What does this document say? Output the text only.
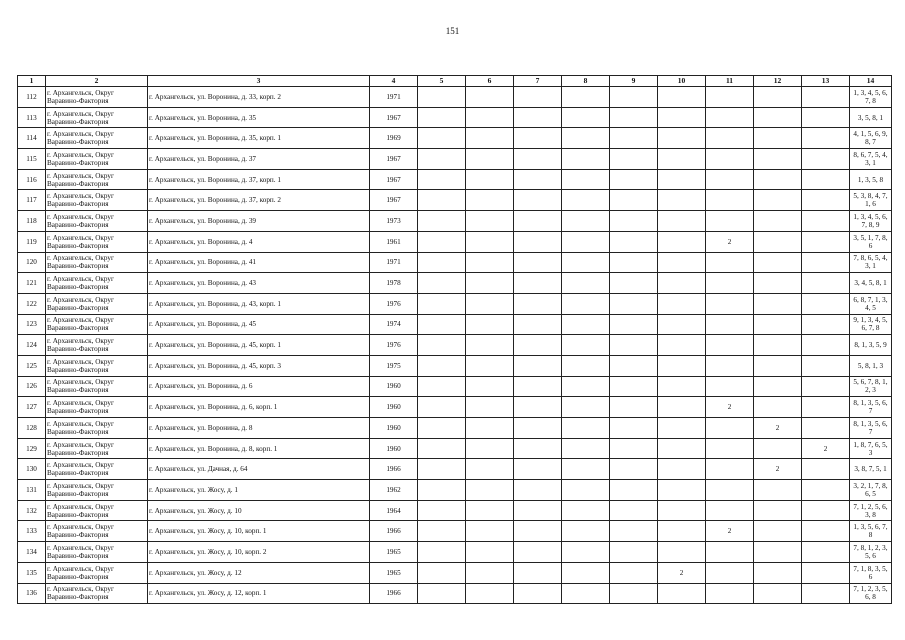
151
1	2	3	4	5	6	7	8	9	10	11	12	13	14
112	г. Архангельск, Округ Варавино-Фактория	г. Архангельск, ул. Воронина, д. 33, корп. 2	1971										1, 3, 4, 5, 6, 7, 8
113	г. Архангельск, Округ Варавино-Фактория	г. Архангельск, ул. Воронина, д. 35	1967										3, 5, 8, 1
114	г. Архангельск, Округ Варавино-Фактория	г. Архангельск, ул. Воронина, д. 35, корп. 1	1969										4, 1, 5, 6, 9, 8, 7
115	г. Архангельск, Округ Варавино-Фактория	г. Архангельск, ул. Воронина, д. 37	1967										8, 6, 7, 5, 4, 3, 1
116	г. Архангельск, Округ Варавино-Фактория	г. Архангельск, ул. Воронина, д. 37, корп. 1	1967										1, 3, 5, 8
117	г. Архангельск, Округ Варавино-Фактория	г. Архангельск, ул. Воронина, д. 37, корп. 2	1967										5, 3, 8, 4, 7, 1, 6
118	г. Архангельск, Округ Варавино-Фактория	г. Архангельск, ул. Воронина, д. 39	1973										1, 3, 4, 5, 6, 7, 8, 9
119	г. Архангельск, Округ Варавино-Фактория	г. Архангельск, ул. Воронина, д. 4	1961							2			3, 5, 1, 7, 8, 6
120	г. Архангельск, Округ Варавино-Фактория	г. Архангельск, ул. Воронина, д. 41	1971										7, 8, 6, 5, 4, 3, 1
121	г. Архангельск, Округ Варавино-Фактория	г. Архангельск, ул. Воронина, д. 43	1978										3, 4, 5, 8, 1
122	г. Архангельск, Округ Варавино-Фактория	г. Архангельск, ул. Воронина, д. 43, корп. 1	1976										6, 8, 7, 1, 3, 4, 5
123	г. Архангельск, Округ Варавино-Фактория	г. Архангельск, ул. Воронина, д. 45	1974										9, 1, 3, 4, 5, 6, 7, 8
124	г. Архангельск, Округ Варавино-Фактория	г. Архангельск, ул. Воронина, д. 45, корп. 1	1976										8, 1, 3, 5, 9
125	г. Архангельск, Округ Варавино-Фактория	г. Архангельск, ул. Воронина, д. 45, корп. 3	1975										5, 8, 1, 3
126	г. Архангельск, Округ Варавино-Фактория	г. Архангельск, ул. Воронина, д. 6	1960										5, 6, 7, 8, 1, 2, 3
127	г. Архангельск, Округ Варавино-Фактория	г. Архангельск, ул. Воронина, д. 6, корп. 1	1960							2			8, 1, 3, 5, 6, 7
128	г. Архангельск, Округ Варавино-Фактория	г. Архангельск, ул. Воронина, д. 8	1960								2		8, 1, 3, 5, 6, 7
129	г. Архангельск, Округ Варавино-Фактория	г. Архангельск, ул. Воронина, д. 8, корп. 1	1960									2	1, 8, 7, 6, 5, 3
130	г. Архангельск, Округ Варавино-Фактория	г. Архангельск, ул. Дачная, д. 64	1966								2		3, 8, 7, 5, 1
131	г. Архангельск, Округ Варавино-Фактория	г. Архангельск, ул. Жосу, д. 1	1962										3, 2, 1, 7, 8, 6, 5
132	г. Архангельск, Округ Варавино-Фактория	г. Архангельск, ул. Жосу, д. 10	1964										7, 1, 2, 5, 6, 3, 8
133	г. Архангельск, Округ Варавино-Фактория	г. Архангельск, ул. Жосу, д. 10, корп. 1	1966							2			1, 3, 5, 6, 7, 8
134	г. Архангельск, Округ Варавино-Фактория	г. Архангельск, ул. Жосу, д. 10, корп. 2	1965										7, 8, 1, 2, 3, 5, 6
135	г. Архангельск, Округ Варавино-Фактория	г. Архангельск, ул. Жосу, д. 12	1965						2				7, 1, 8, 3, 5, 6
136	г. Архангельск, Округ Варавино-Фактория	г. Архангельск, ул. Жосу, д. 12, корп. 1	1966										7, 1, 2, 3, 5, 6, 8
